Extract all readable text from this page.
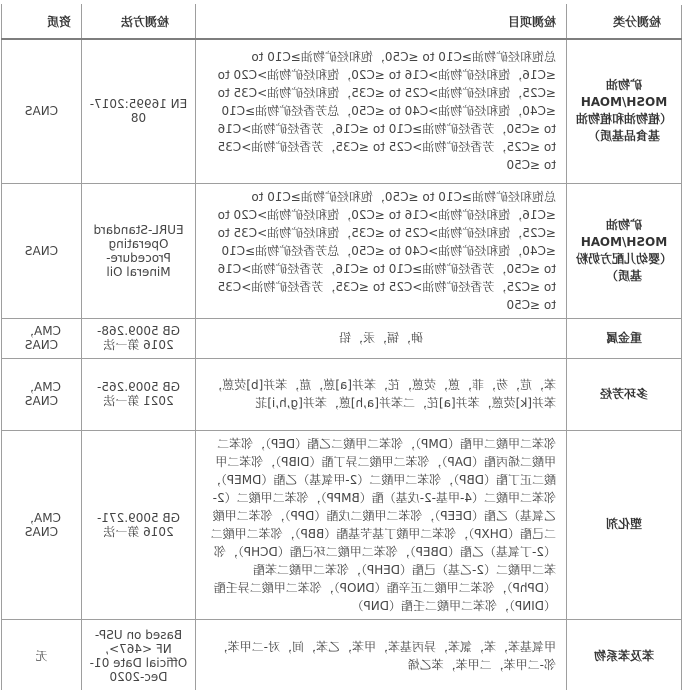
检测分类	检测项目	检测方法	资质
矿物油MOSH/MOAH（植物油和植物油基食品基质）	总饱和烃矿物油≥C10 to ≤C50，饱和烃矿物油≥C10 to ≤C16，饱和烃矿物油>C16 to ≤C20，饱和烃矿物油>C20 to ≤C25，饱和烃矿物油>C25 to ≤C35，饱和烃矿物油>C35 to ≤C40，饱和烃矿物油>C40 to ≤C50，总芳香烃矿物油≥C10 to ≤C50，芳香烃矿物油≥C10 to ≤C16，芳香烃矿物油>C16 to ≤C25，芳香烃矿物油>C25 to ≤C35，芳香烃矿物油>C35 to ≤C50	EN 16995:2017-08	CNAS
矿物油MOSH/MOAH（婴幼儿配方奶粉基质）	总饱和烃矿物油≥C10 to ≤C50，饱和烃矿物油≥C10 to ≤C16，饱和烃矿物油>C16 to ≤C20，饱和烃矿物油>C20 to ≤C25，饱和烃矿物油>C25 to ≤C35，饱和烃矿物油>C35 to ≤C40，饱和烃矿物油>C40 to ≤C50，总芳香烃矿物油≥C10 to ≤C50，芳香烃矿物油≥C10 to ≤C16，芳香烃矿物油>C16 to ≤C25，芳香烃矿物油>C25 to ≤C35，芳香烃矿物油>C35 to ≤C50	EURL-Standard Operating Procedure-Mineral Oil	CNAS
重金属	砷，镉，汞，铅	GB 5009.268-2016 第一法	CMA，CNAS
多环芳烃	苯，苊，芴，菲，蒽，荧蒽，芘，苯并[a]蒽，䓛，苯并[b]荧蒽，苯并[k]荧蒽，苯并[a]芘，二苯并[a,h]蒽，苯并[g,h,i]苝	GB 5009.265-2021 第一法	CMA，CNAS
塑化剂	邻苯二甲酸二甲酯（DMP），邻苯二甲酸二乙酯（DEP），邻苯二甲酸二烯丙酯（DAP），邻苯二甲酸二异丁酯（DIBP），邻苯二甲酸二正丁酯（DBP），邻苯二甲酸二（2-甲氧基）乙酯（DMEP），邻苯二甲酸二（4-甲基-2-戊基）酯（BMPP），邻苯二甲酸二（2-乙氧基）乙酯（DEEP），邻苯二甲酸二戊酯（DPP），邻苯二甲酸二己酯（DHXP），邻苯二甲酸丁基苄基酯（BBP），邻苯二甲酸二（2-丁氧基）乙酯（DBEP），邻苯二甲酸二环己酯（DCHP），邻苯二甲酸二（2-乙基）己酯（DEHP），邻苯二甲酸二苯酯（DPhP），邻苯二甲酸二正辛酯（DNOP），邻苯二甲酸二异壬酯（DINP），邻苯二甲酸二壬酯（DNP）	GB 5009.271-2016 第一法	CMA，CNAS
苯及苯系物	甲氧基苯，苯，氯苯，异丙基苯，甲苯，乙苯，间，对-二甲苯，邻-二甲苯，二甲苯，苯乙烯	Based on USP-NF <467>, Official Date 01-Dec-2020	无
